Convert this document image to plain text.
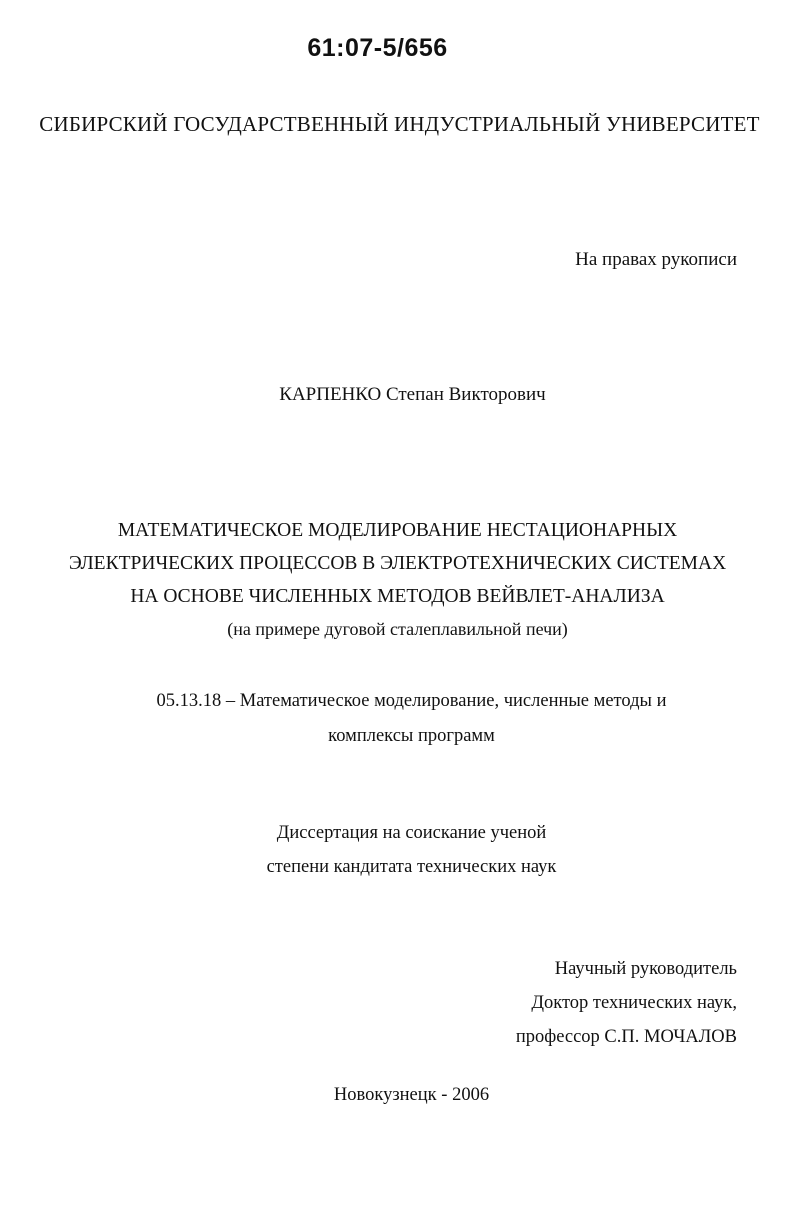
61:07-5/656
СИБИРСКИЙ ГОСУДАРСТВЕННЫЙ ИНДУСТРИАЛЬНЫЙ УНИВЕРСИТЕТ
На правах рукописи
КАРПЕНКО Степан Викторович
МАТЕМАТИЧЕСКОЕ МОДЕЛИРОВАНИЕ НЕСТАЦИОНАРНЫХ
ЭЛЕКТРИЧЕСКИХ ПРОЦЕССОВ В ЭЛЕКТРОТЕХНИЧЕСКИХ СИСТЕМАХ
НА ОСНОВЕ ЧИСЛЕННЫХ МЕТОДОВ ВЕЙВЛЕТ-АНАЛИЗА
(на примере дуговой сталеплавильной печи)
05.13.18 – Математическое моделирование, численные методы и
комплексы программ
Диссертация на соискание ученой
степени кандитата технических наук
Научный руководитель
Доктор технических наук,
профессор С.П. МОЧАЛОВ
Новокузнецк - 2006
